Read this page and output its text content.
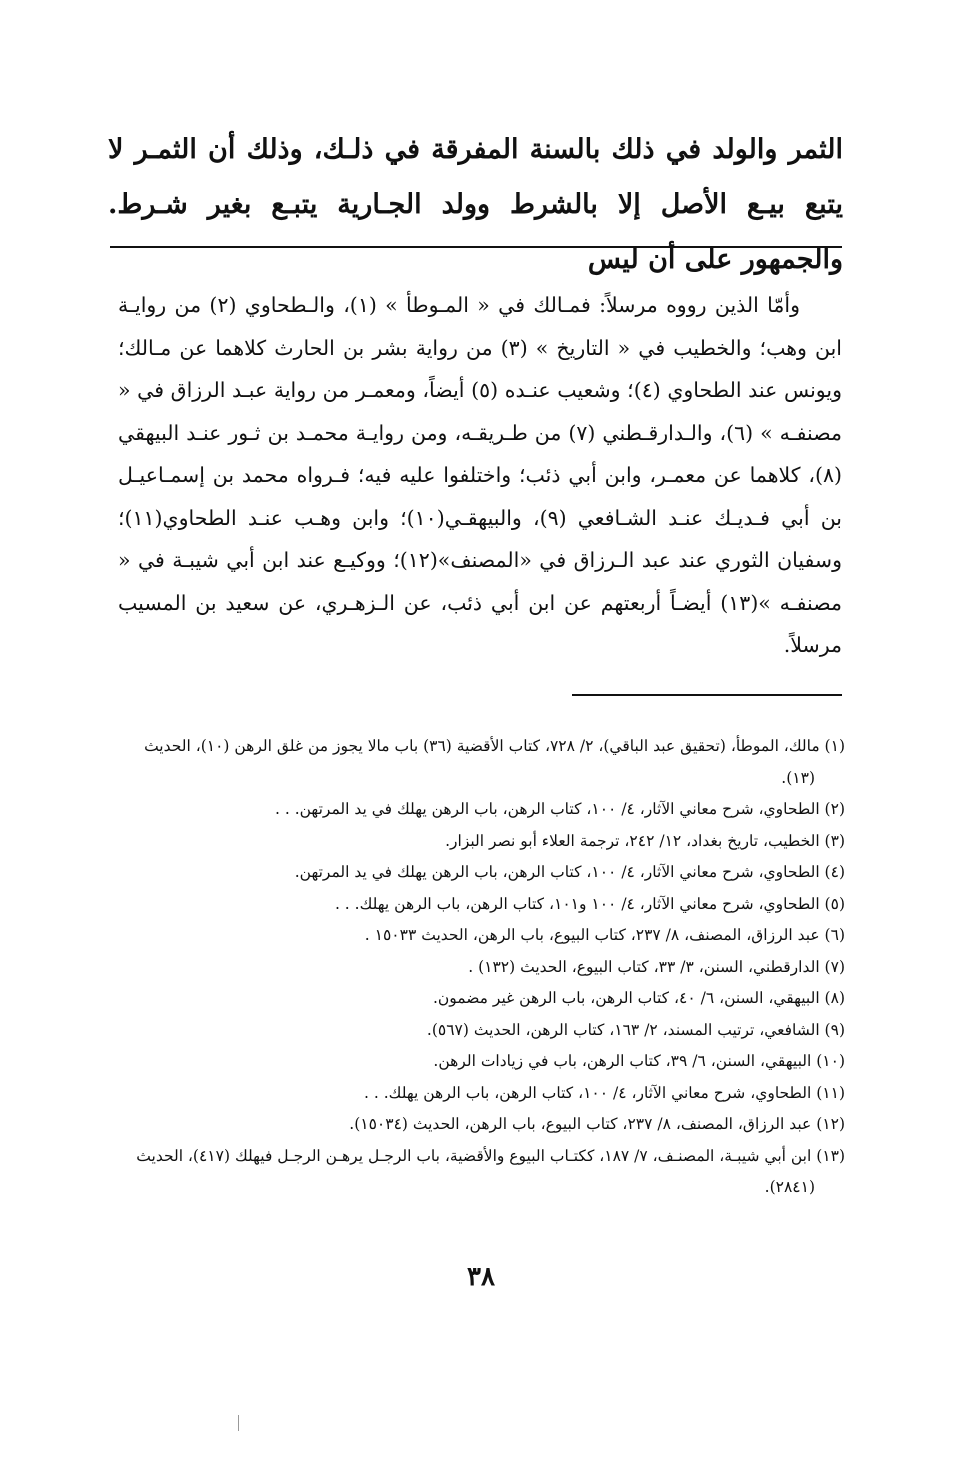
الثمر والولد في ذلك بالسنة المفرقة في ذلـك، وذلك أن الثمـر لا يتبع بيـع الأصل إلا بالشرط وولد الجـارية يتبـع بغير شـرط. والجمهور على أن ليس

وأمّا الذين رووه مرسلاً: فمـالك في « المـوطأ » (١)، والـطحاوي (٢) من روايـة ابن وهب؛ والخطيب في « التاريخ » (٣) من رواية بشر بن الحارث كلاهما عن مـالك؛ ويونس عند الطحاوي (٤)؛ وشعيب عنـده (٥) أيضاً، ومعمـر من رواية عبـد الرزاق في « مصنفـه » (٦)، والـدارقـطني (٧) من طـريقـه، ومن روايـة محمـد بن ثـور عنـد البيهقي (٨)، كلاهما عن معمـر، وابن أبي ذئب؛ واختلفوا عليه فيه؛ فـرواه محمد بن إسمـاعيـل بن أبي فـديـك عنـد الشـافعي (٩)، والبيهقـي(١٠)؛ وابن وهـب عنـد الطحاوي(١١)؛ وسفيان الثوري عند عبد الـرزاق في «المصنف»(١٢)؛ ووكيـع عند ابن أبي شيبـة في « مصنفـه »(١٣) أيضـاً أربعتهم عن ابن أبي ذئب، عن الـزهـري، عن سعيد بن المسيب مرسلاً.

(١) مالك، الموطأ، (تحقيق عبد الباقي)، ٢/ ٧٢٨، كتاب الأقضية (٣٦) باب مالا يجوز من غلق الرهن (١٠)، الحديث (١٣).

(٢) الطحاوي، شرح معاني الآثار، ٤/ ١٠٠، كتاب الرهن، باب الرهن يهلك في يد المرتهن. . .

(٣) الخطيب، تاريخ بغداد، ١٢/ ٢٤٢، ترجمة العلاء أبو نصر البزار.

(٤) الطحاوي، شرح معاني الآثار، ٤/ ١٠٠، كتاب الرهن، باب الرهن يهلك في يد المرتهن.

(٥) الطحاوي، شرح معاني الآثار، ٤/ ١٠٠ و١٠١، كتاب الرهن، باب الرهن يهلك. . .

(٦) عبد الرزاق، المصنف، ٨/ ٢٣٧، كتاب البيوع، باب الرهن، الحديث ١٥٠٣٣ .

(٧) الدارقطني، السنن، ٣/ ٣٣، كتاب البيوع، الحديث (١٣٢) .

(٨) البيهقي، السنن، ٦/ ٤٠، كتاب الرهن، باب الرهن غير مضمون.

(٩) الشافعي، ترتيب المسند، ٢/ ١٦٣، كتاب الرهن، الحديث (٥٦٧).

(١٠) البيهقي، السنن، ٦/ ٣٩، كتاب الرهن، باب في زيادات الرهن.

(١١) الطحاوي، شرح معاني الآثار، ٤/ ١٠٠، كتاب الرهن، باب الرهن يهلك. . .

(١٢) عبد الرزاق، المصنف، ٨/ ٢٣٧، كتاب البيوع، باب الرهن، الحديث (١٥٠٣٤).

(١٣) ابن أبي شيبـة، المصنـف، ٧/ ١٨٧، ككتـاب البيوع والأقضية، باب الرجـل يرهـن الرجـل فيهلك (٤١٧)، الحديث (٢٨٤١).

٣٨
